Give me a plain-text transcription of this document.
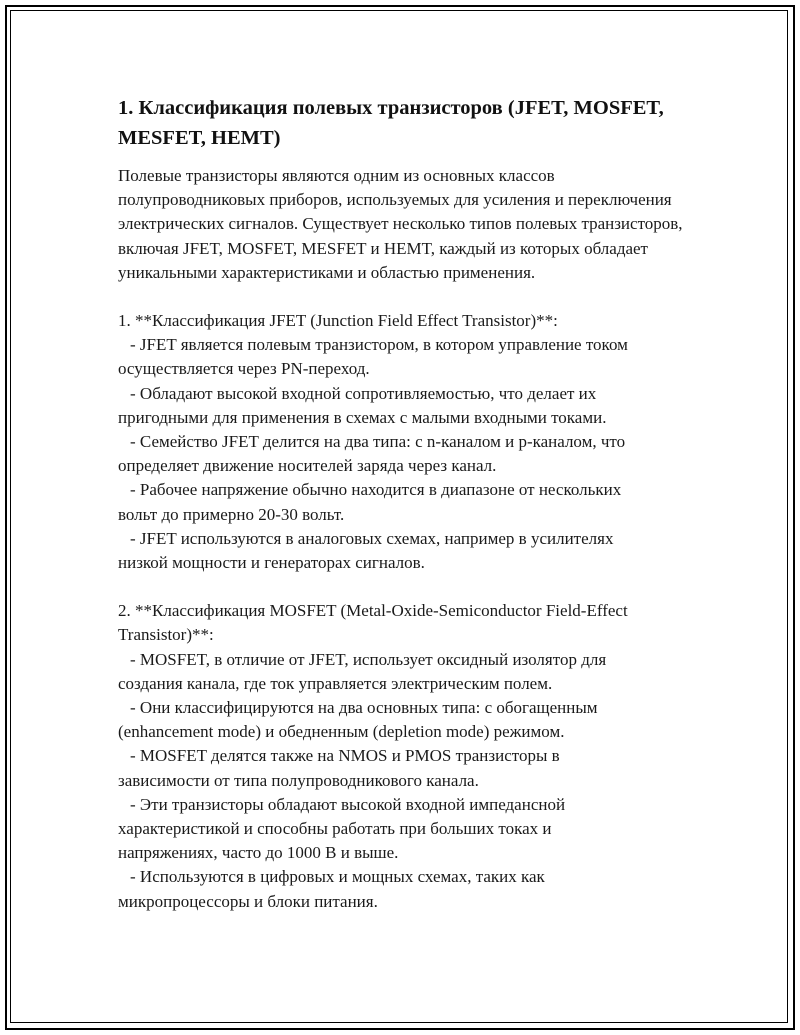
1. Классификация полевых транзисторов (JFET, MOSFET, MESFET, HEMT)

Полевые транзисторы являются одним из основных классов полупроводниковых приборов, используемых для усиления и переключения электрических сигналов. Существует несколько типов полевых транзисторов, включая JFET, MOSFET, MESFET и HEMT, каждый из которых обладает уникальными характеристиками и областью применения.

1. **Классификация JFET (Junction Field Effect Transistor)**:

- JFET является полевым транзистором, в котором управление током
осуществляется через PN-переход.
- Обладают высокой входной сопротивляемостью, что делает их
пригодными для применения в схемах с малыми входными токами.
- Семейство JFET делится на два типа: с n-каналом и p-каналом, что
определяет движение носителей заряда через канал.
- Рабочее напряжение обычно находится в диапазоне от нескольких
вольт до примерно 20-30 вольт.
- JFET используются в аналоговых схемах, например в усилителях
низкой мощности и генераторах сигналов.

2. **Классификация MOSFET (Metal-Oxide-Semiconductor Field-Effect Transistor)**:

- MOSFET, в отличие от JFET, использует оксидный изолятор для
создания канала, где ток управляется электрическим полем.
- Они классифицируются на два основных типа: с обогащенным
(enhancement mode) и обедненным (depletion mode) режимом.
- MOSFET делятся также на NMOS и PMOS транзисторы в
зависимости от типа полупроводникового канала.
- Эти транзисторы обладают высокой входной импедансной
характеристикой и способны работать при больших токах и
напряжениях, часто до 1000 В и выше.
- Используются в цифровых и мощных схемах, таких как
микропроцессоры и блоки питания.
